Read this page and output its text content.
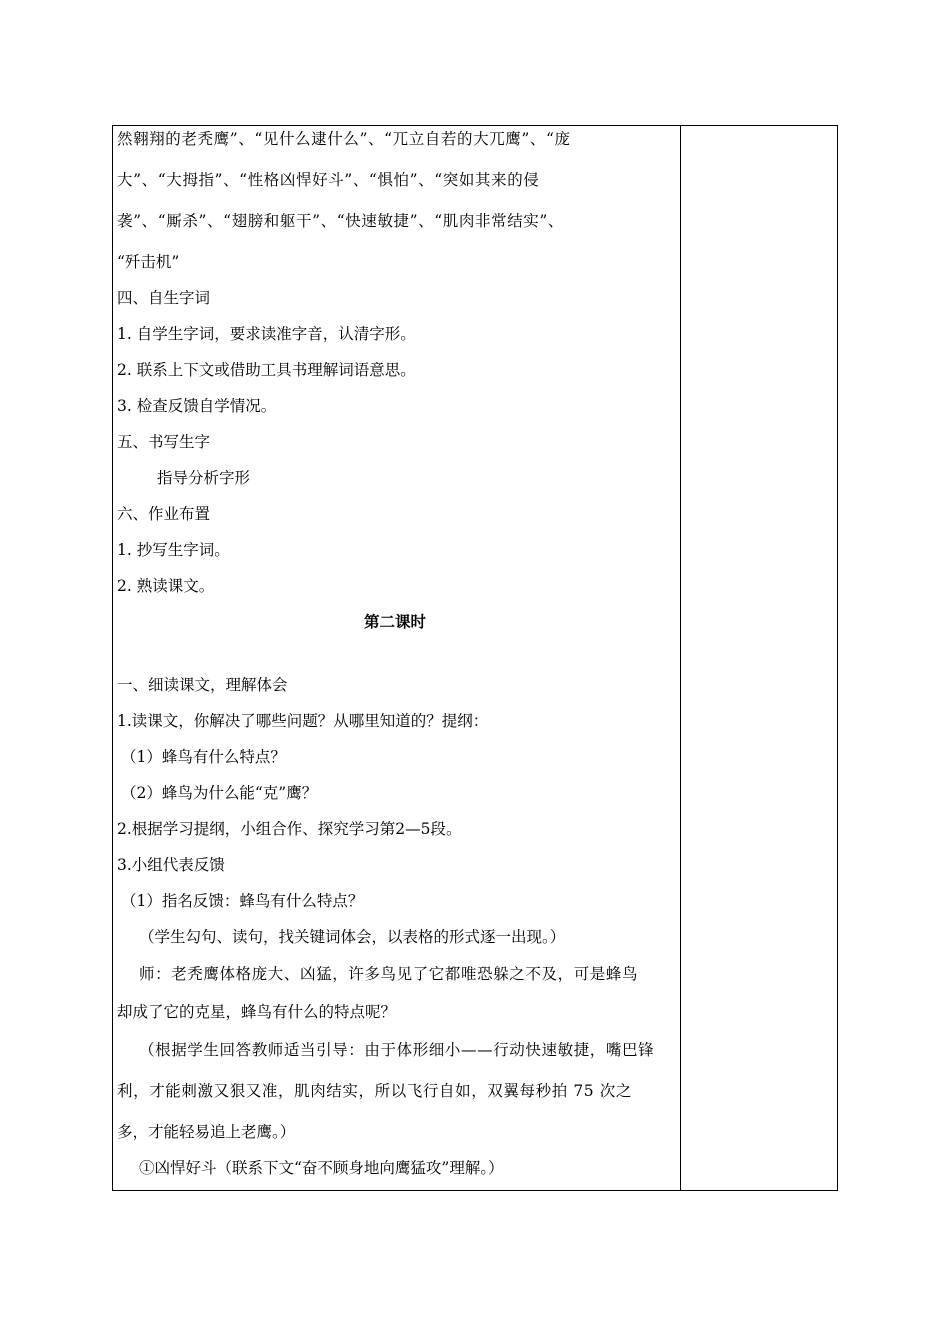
然翱翔的老秃鹰”、“见什么逮什么”、“兀立自若的大兀鹰”、“庞
大”、“大拇指”、“性格凶悍好斗”、“惧怕”、“突如其来的侵
袭”、“厮杀”、“翅膀和躯干”、“快速敏捷”、“肌肉非常结实”、
“歼击机”
四、自生字词
1. 自学生字词，要求读准字音，认清字形。
2. 联系上下文或借助工具书理解词语意思。
3. 检查反馈自学情况。
五、书写生字
指导分析字形
六、作业布置
1. 抄写生字词。
2. 熟读课文。
第二课时
一、细读课文，理解体会
1.读课文，你解决了哪些问题？从哪里知道的？提纲：
（1）蜂鸟有什么特点？
（2）蜂鸟为什么能“克”鹰？
2.根据学习提纲，小组合作、探究学习第2—5段。
3.小组代表反馈
（1）指名反馈：蜂鸟有什么特点？
（学生勾句、读句，找关键词体会，以表格的形式逐一出现。）
师：老秃鹰体格庞大、凶猛，许多鸟见了它都唯恐躲之不及，可是蜂鸟
却成了它的克星，蜂鸟有什么的特点呢？
（根据学生回答教师适当引导：由于体形细小——行动快速敏捷，嘴巴锋
利，才能刺激又狠又准，肌肉结实，所以飞行自如，双翼每秒拍 75 次之
多，才能轻易追上老鹰。）
①凶悍好斗（联系下文“奋不顾身地向鹰猛攻”理解。）
